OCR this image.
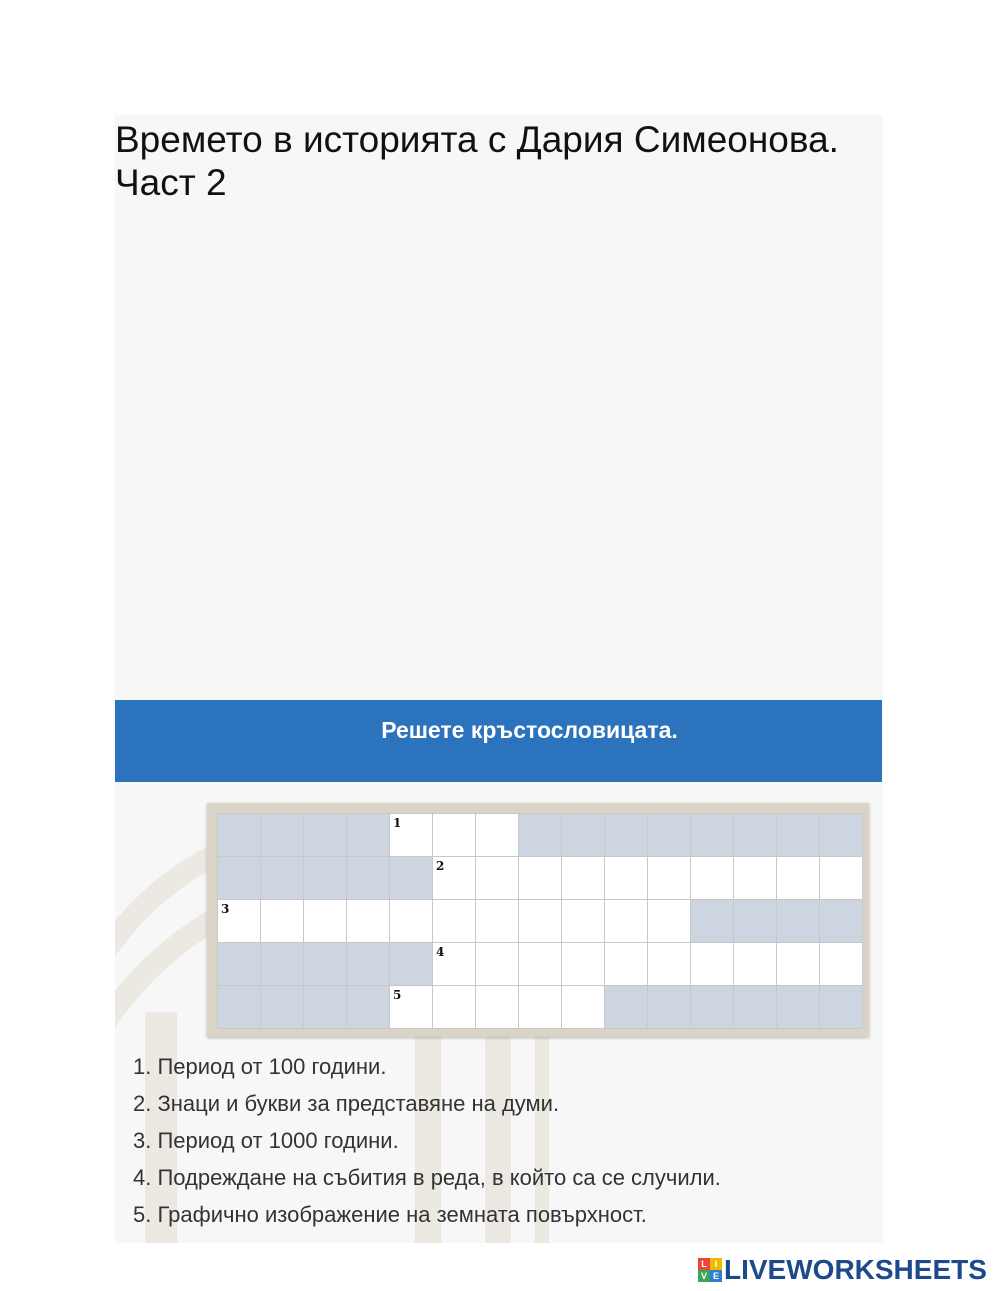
Времето в историята с Дария Симеонова.
Част 2
Решете кръстословицата.
1
2
3
4
5
1. Период от 100 години.
2. Знаци и букви за представяне на думи.
3. Период от 1000 години.
4. Подреждане на събития в реда, в който са се случили.
5. Графично изображение на земната повърхност.
L I
V E LIVEWORKSHEETS
